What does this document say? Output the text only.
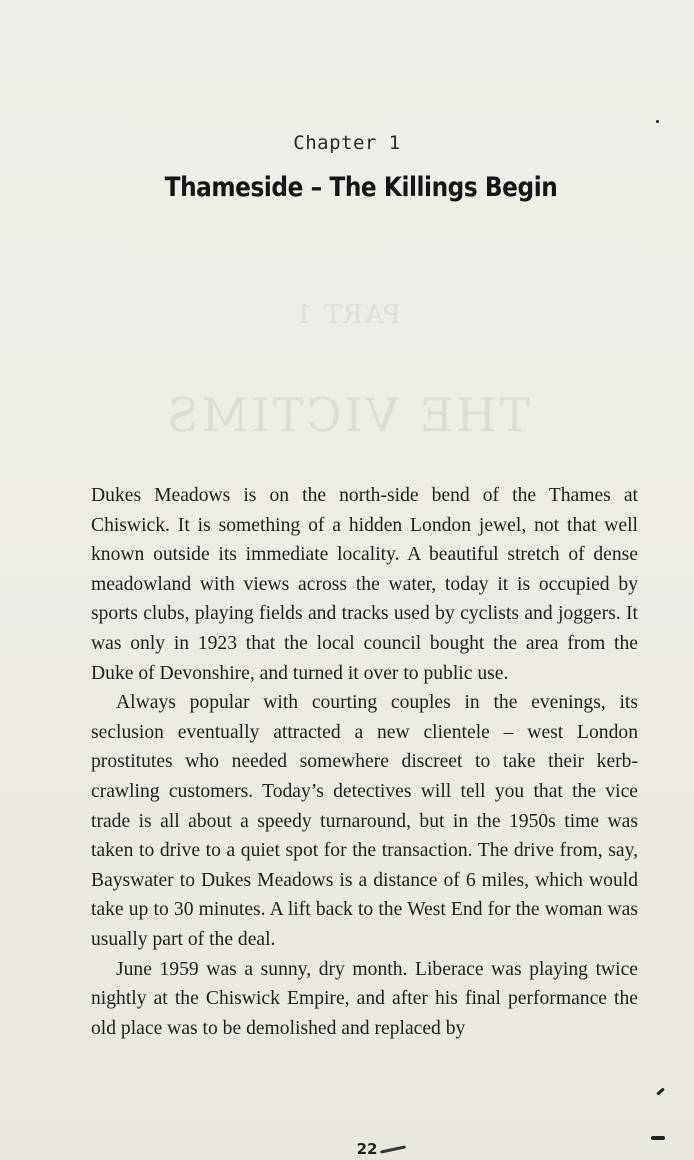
PART 1
THE VICTIMS
Chapter 1
Thameside – The Killings Begin

Dukes Meadows is on the north-side bend of the Thames at Chiswick. It is something of a hidden London jewel, not that well known outside its immediate locality. A beautiful stretch of dense meadowland with views across the water, today it is occupied by sports clubs, playing fields and tracks used by cyclists and joggers. It was only in 1923 that the local council bought the area from the Duke of Devonshire, and turned it over to public use.

Always popular with courting couples in the evenings, its seclusion eventually attracted a new clientele – west London prostitutes who needed somewhere discreet to take their kerb-crawling customers. Today’s detectives will tell you that the vice trade is all about a speedy turnaround, but in the 1950s time was taken to drive to a quiet spot for the transaction. The drive from, say, Bayswater to Dukes Meadows is a distance of 6 miles, which would take up to 30 minutes. A lift back to the West End for the woman was usually part of the deal.

June 1959 was a sunny, dry month. Liberace was playing twice nightly at the Chiswick Empire, and after his final performance the old place was to be demolished and replaced by

22
